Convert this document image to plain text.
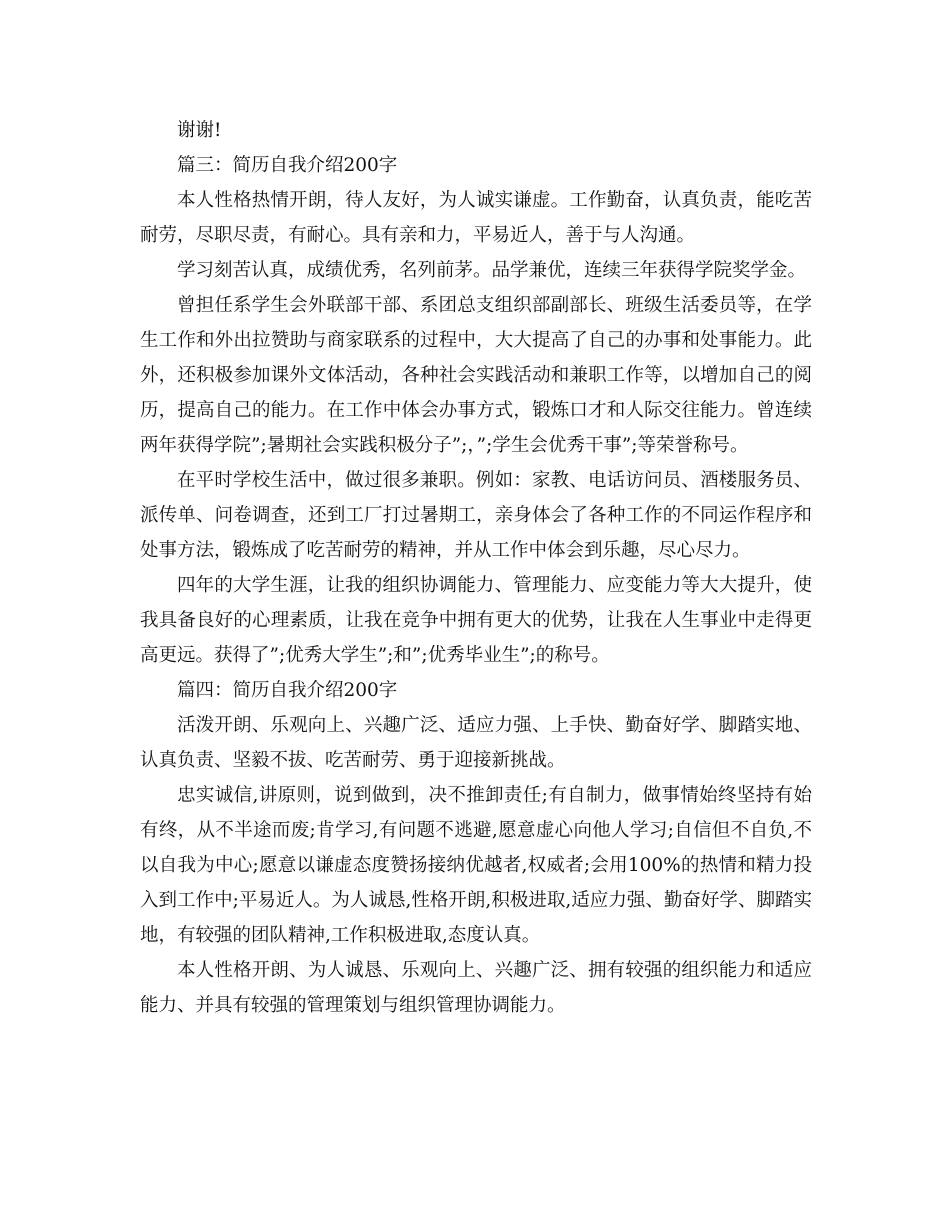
谢谢!

篇三：简历自我介绍200字

本人性格热情开朗，待人友好，为人诚实谦虚。工作勤奋，认真负责，能吃苦耐劳，尽职尽责，有耐心。具有亲和力，平易近人，善于与人沟通。

学习刻苦认真，成绩优秀，名列前茅。品学兼优，连续三年获得学院奖学金。

曾担任系学生会外联部干部、系团总支组织部副部长、班级生活委员等，在学生工作和外出拉赞助与商家联系的过程中，大大提高了自己的办事和处事能力。此外，还积极参加课外文体活动，各种社会实践活动和兼职工作等，以增加自己的阅历，提高自己的能力。在工作中体会办事方式，锻炼口才和人际交往能力。曾连续两年获得学院”;暑期社会实践积极分子”;，”;学生会优秀干事”;等荣誉称号。

在平时学校生活中，做过很多兼职。例如：家教、电话访问员、酒楼服务员、派传单、问卷调查，还到工厂打过暑期工，亲身体会了各种工作的不同运作程序和处事方法，锻炼成了吃苦耐劳的精神，并从工作中体会到乐趣，尽心尽力。

四年的大学生涯，让我的组织协调能力、管理能力、应变能力等大大提升，使我具备良好的心理素质，让我在竞争中拥有更大的优势，让我在人生事业中走得更高更远。获得了”;优秀大学生”;和”;优秀毕业生”;的称号。

篇四：简历自我介绍200字

活泼开朗、乐观向上、兴趣广泛、适应力强、上手快、勤奋好学、脚踏实地、认真负责、坚毅不拔、吃苦耐劳、勇于迎接新挑战。

忠实诚信,讲原则，说到做到，决不推卸责任;有自制力，做事情始终坚持有始有终，从不半途而废;肯学习,有问题不逃避,愿意虚心向他人学习;自信但不自负,不以自我为中心;愿意以谦虚态度赞扬接纳优越者,权威者;会用100%的热情和精力投入到工作中;平易近人。为人诚恳,性格开朗,积极进取,适应力强、勤奋好学、脚踏实地，有较强的团队精神,工作积极进取,态度认真。

本人性格开朗、为人诚恳、乐观向上、兴趣广泛、拥有较强的组织能力和适应能力、并具有较强的管理策划与组织管理协调能力。
